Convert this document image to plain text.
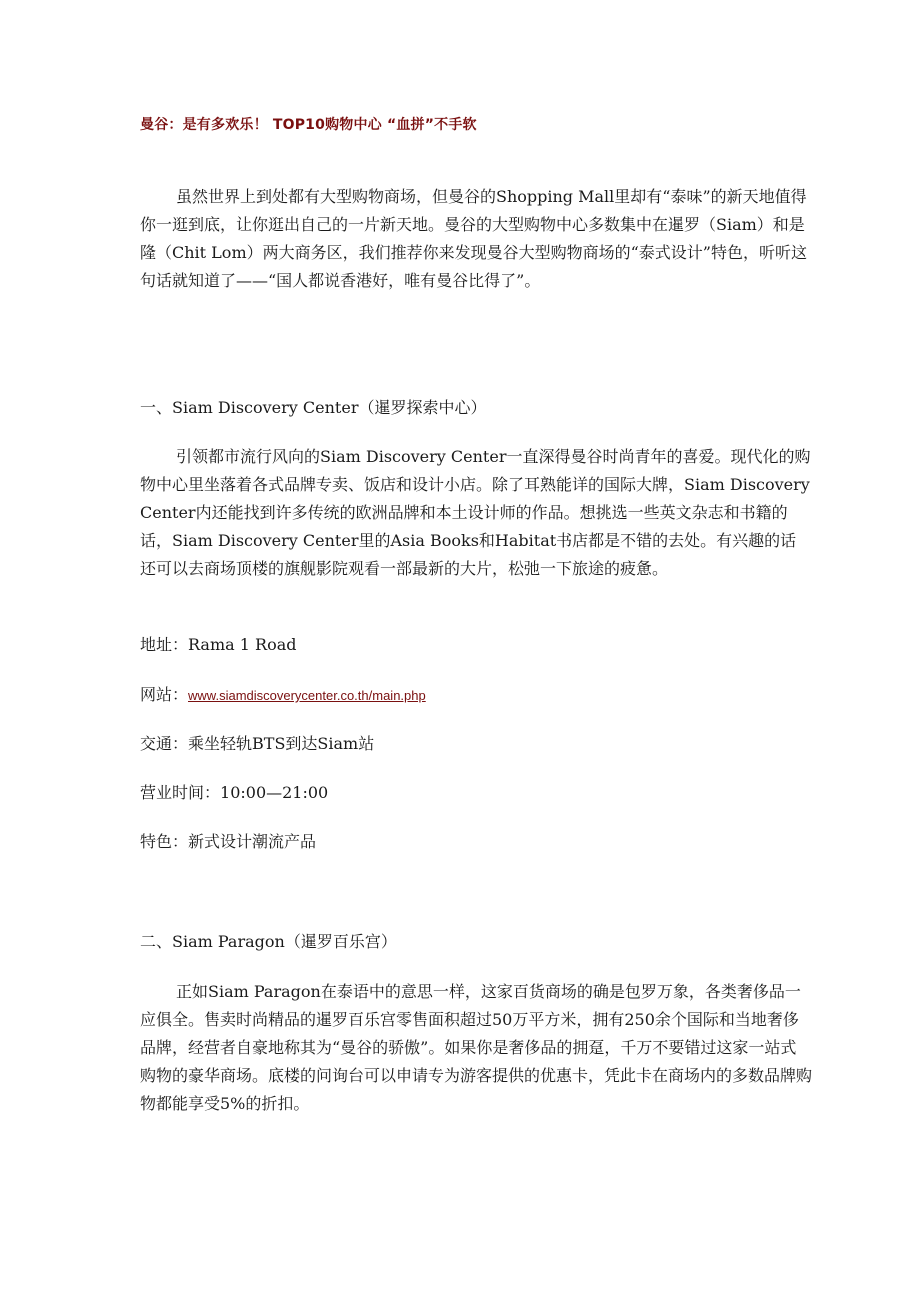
曼谷：是有多欢乐！ TOP10购物中心 “血拼”不手软

虽然世界上到处都有大型购物商场，但曼谷的Shopping Mall里却有“泰味”的新天地值得你一逛到底，让你逛出自己的一片新天地。曼谷的大型购物中心多数集中在暹罗（Siam）和是隆（Chit Lom）两大商务区，我们推荐你来发现曼谷大型购物商场的“泰式设计”特色，听听这句话就知道了——“国人都说香港好，唯有曼谷比得了”。

一、Siam Discovery Center（暹罗探索中心）

引领都市流行风向的Siam Discovery Center一直深得曼谷时尚青年的喜爱。现代化的购物中心里坐落着各式品牌专卖、饭店和设计小店。除了耳熟能详的国际大牌，Siam Discovery Center内还能找到许多传统的欧洲品牌和本土设计师的作品。想挑选一些英文杂志和书籍的话，Siam Discovery Center里的Asia Books和Habitat书店都是不错的去处。有兴趣的话还可以去商场顶楼的旗舰影院观看一部最新的大片，松弛一下旅途的疲惫。

地址：Rama 1 Road
网站：www.siamdiscoverycenter.co.th/main.php
交通：乘坐轻轨BTS到达Siam站
营业时间：10:00—21:00
特色：新式设计潮流产品
二、Siam Paragon（暹罗百乐宫）

正如Siam Paragon在泰语中的意思一样，这家百货商场的确是包罗万象，各类奢侈品一应俱全。售卖时尚精品的暹罗百乐宫零售面积超过50万平方米，拥有250余个国际和当地奢侈品牌，经营者自豪地称其为“曼谷的骄傲”。如果你是奢侈品的拥趸，千万不要错过这家一站式购物的豪华商场。底楼的问询台可以申请专为游客提供的优惠卡，凭此卡在商场内的多数品牌购物都能享受5%的折扣。
